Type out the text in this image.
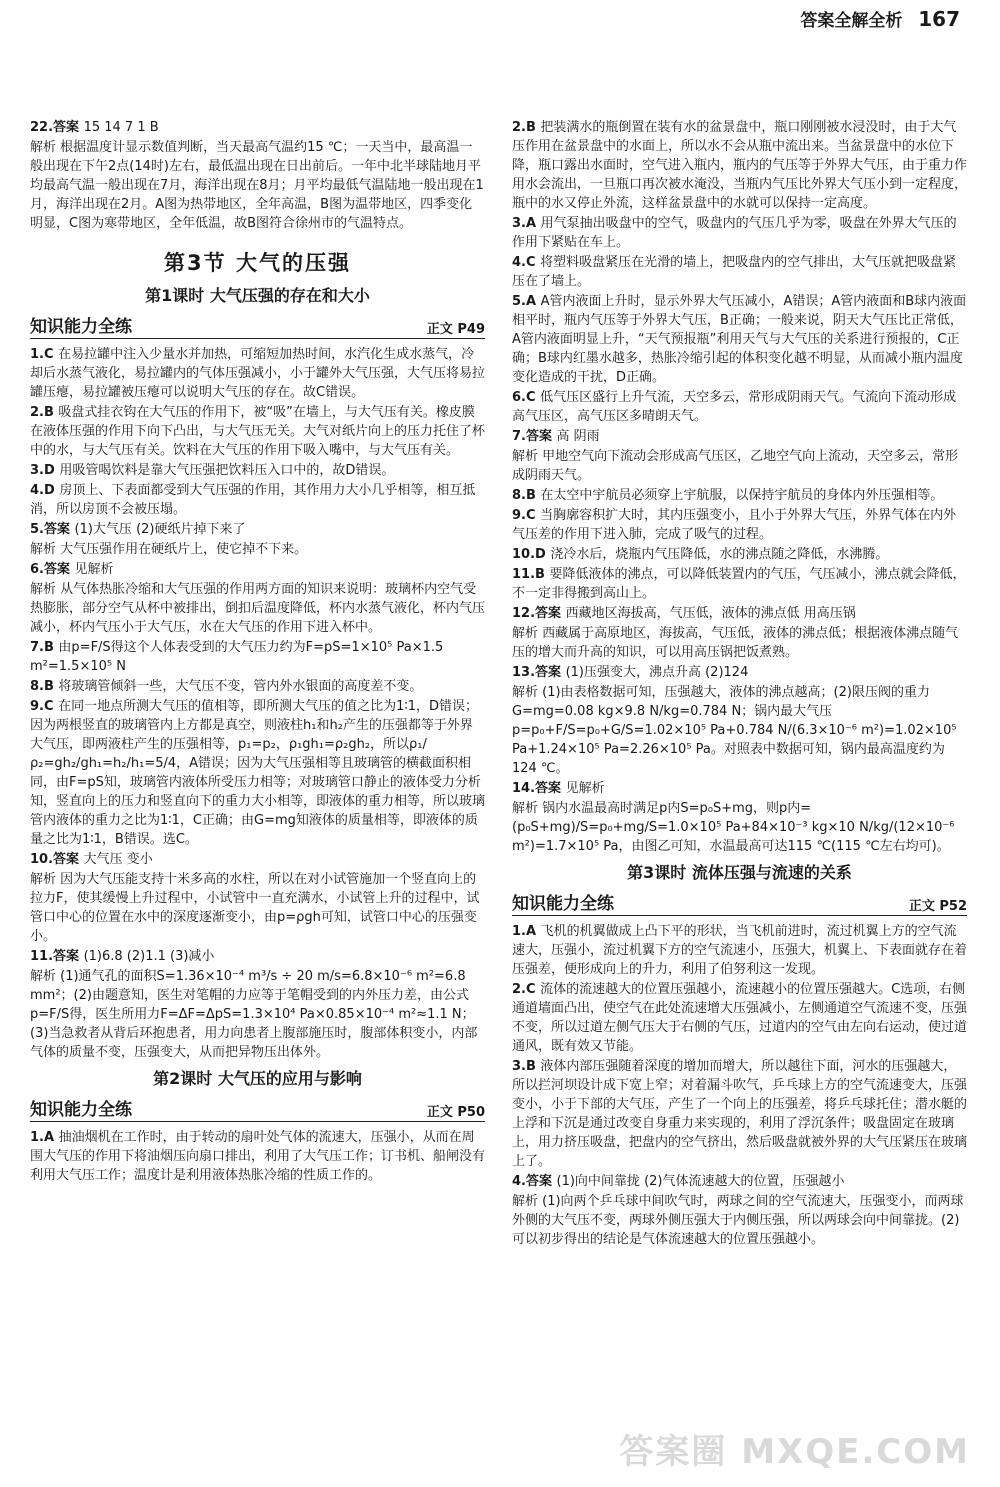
答案全解全析 167

22.答案 15 14 7 1 B

解析 根据温度计显示数值判断，当天最高气温约15 ℃；一天当中，最高温一般出现在下午2点(14时)左右，最低温出现在日出前后。一年中北半球陆地月平均最高气温一般出现在7月，海洋出现在8月；月平均最低气温陆地一般出现在1月，海洋出现在2月。A图为热带地区，全年高温，B图为温带地区，四季变化明显，C图为寒带地区，全年低温，故B图符合徐州市的气温特点。

第3节 大气的压强
第1课时 大气压强的存在和大小
知识能力全练	正文 P49

1.C 在易拉罐中注入少量水并加热，可缩短加热时间，水汽化生成水蒸气，冷却后水蒸气液化，易拉罐内的气体压强减小，小于罐外大气压强，大气压将易拉罐压瘪，易拉罐被压瘪可以说明大气压的存在。故C错误。

2.B 吸盘式挂衣钩在大气压的作用下，被“吸”在墙上，与大气压有关。橡皮膜在液体压强的作用下向下凸出，与大气压无关。大气对纸片向上的压力托住了杯中的水，与大气压有关。饮料在大气压的作用下吸入嘴中，与大气压有关。

3.D 用吸管喝饮料是靠大气压强把饮料压入口中的，故D错误。

4.D 房顶上、下表面都受到大气压强的作用，其作用力大小几乎相等，相互抵消，所以房顶不会被压塌。

5.答案 (1)大气压 (2)硬纸片掉下来了

解析 大气压强作用在硬纸片上，使它掉不下来。

6.答案 见解析

解析 从气体热胀冷缩和大气压强的作用两方面的知识来说明：玻璃杯内空气受热膨胀，部分空气从杯中被排出，倒扣后温度降低，杯内水蒸气液化，杯内气压减小，杯内气压小于大气压，水在大气压的作用下进入杯中。

7.B 由p=F/S得这个人体表受到的大气压力约为F=pS=1×10⁵ Pa×1.5 m²=1.5×10⁵ N

8.B 将玻璃管倾斜一些，大气压不变，管内外水银面的高度差不变。

9.C 在同一地点所测大气压的值相等，即所测大气压的值之比为1∶1，D错误；因为两根竖直的玻璃管内上方都是真空，则液柱h₁和h₂产生的压强都等于外界大气压，即两液柱产生的压强相等，p₁=p₂，ρ₁gh₁=ρ₂gh₂，所以ρ₁/ρ₂=gh₂/gh₁=h₂/h₁=5/4，A错误；因为大气压强相等且玻璃管的横截面积相同，由F=pS知，玻璃管内液体所受压力相等；对玻璃管口静止的液体受力分析知，竖直向上的压力和竖直向下的重力大小相等，即液体的重力相等，所以玻璃管内液体的重力之比为1∶1，C正确；由G=mg知液体的质量相等，即液体的质量之比为1∶1，B错误。选C。

10.答案 大气压 变小

解析 因为大气压能支持十米多高的水柱，所以在对小试管施加一个竖直向上的拉力F，使其缓慢上升过程中，小试管中一直充满水，小试管上升的过程中，试管口中心的位置在水中的深度逐渐变小，由p=ρgh可知，试管口中心的压强变小。

11.答案 (1)6.8 (2)1.1 (3)减小

解析 (1)通气孔的面积S=1.36×10⁻⁴ m³/s ÷ 20 m/s=6.8×10⁻⁶ m²=6.8 mm²；(2)由题意知，医生对笔帽的力应等于笔帽受到的内外压力差，由公式p=F/S得，医生所用力F=ΔF=ΔpS=1.3×10⁴ Pa×0.85×10⁻⁴ m²≈1.1 N；(3)当急救者从背后环抱患者，用力向患者上腹部施压时，腹部体积变小，内部气体的质量不变，压强变大，从而把异物压出体外。

第2课时 大气压的应用与影响
知识能力全练	正文 P50

1.A 抽油烟机在工作时，由于转动的扇叶处气体的流速大，压强小，从而在周围大气压的作用下将油烟压向扇口排出，利用了大气压工作；订书机、船闸没有利用大气压工作；温度计是利用液体热胀冷缩的性质工作的。

2.B 把装满水的瓶倒置在装有水的盆景盘中，瓶口刚刚被水浸没时，由于大气压作用在盆景盘中的水面上，所以水不会从瓶中流出来。当盆景盘中的水位下降，瓶口露出水面时，空气进入瓶内，瓶内的气压等于外界大气压，由于重力作用水会流出，一旦瓶口再次被水淹没，当瓶内气压比外界大气压小到一定程度，瓶中的水又停止外流，这样盆景盘中的水就可以保持一定高度。

3.A 用气泵抽出吸盘中的空气，吸盘内的气压几乎为零，吸盘在外界大气压的作用下紧贴在车上。

4.C 将塑料吸盘紧压在光滑的墙上，把吸盘内的空气排出，大气压就把吸盘紧压在了墙上。

5.A A管内液面上升时，显示外界大气压减小，A错误；A管内液面和B球内液面相平时，瓶内气压等于外界大气压，B正确；一般来说，阴天大气压比正常低，A管内液面明显上升，“天气预报瓶”利用天气与大气压的关系进行预报的，C正确；B球内红墨水越多，热胀冷缩引起的体积变化越不明显，从而减小瓶内温度变化造成的干扰，D正确。

6.C 低气压区盛行上升气流，天空多云，常形成阴雨天气。气流向下流动形成高气压区，高气压区多晴朗天气。

7.答案 高 阴雨

解析 甲地空气向下流动会形成高气压区，乙地空气向上流动，天空多云，常形成阴雨天气。

8.B 在太空中宇航员必须穿上宇航服，以保持宇航员的身体内外压强相等。

9.C 当胸廓容积扩大时，其内压强变小，且小于外界大气压，外界气体在内外气压差的作用下进入肺，完成了吸气的过程。

10.D 浇冷水后，烧瓶内气压降低，水的沸点随之降低，水沸腾。

11.B 要降低液体的沸点，可以降低装置内的气压，气压减小，沸点就会降低，不一定非得搬到高山上。

12.答案 西藏地区海拔高，气压低，液体的沸点低 用高压锅

解析 西藏属于高原地区，海拔高，气压低，液体的沸点低；根据液体沸点随气压的增大而升高的知识，可以用高压锅把饭煮熟。

13.答案 (1)压强变大，沸点升高 (2)124

解析 (1)由表格数据可知，压强越大，液体的沸点越高；(2)限压阀的重力G=mg=0.08 kg×9.8 N/kg=0.784 N；锅内最大气压p=p₀+F/S=p₀+G/S=1.02×10⁵ Pa+0.784 N/(6.3×10⁻⁶ m²)=1.02×10⁵ Pa+1.24×10⁵ Pa=2.26×10⁵ Pa。对照表中数据可知，锅内最高温度约为124 ℃。

14.答案 见解析

解析 锅内水温最高时满足p内S=p₀S+mg，则p内=(p₀S+mg)/S=p₀+mg/S=1.0×10⁵ Pa+84×10⁻³ kg×10 N/kg/(12×10⁻⁶ m²)=1.7×10⁵ Pa，由图乙可知，水温最高可达115 ℃(115 ℃左右均可)。

第3课时 流体压强与流速的关系
知识能力全练	正文 P52

1.A 飞机的机翼做成上凸下平的形状，当飞机前进时，流过机翼上方的空气流速大，压强小，流过机翼下方的空气流速小，压强大，机翼上、下表面就存在着压强差，便形成向上的升力，利用了伯努利这一发现。

2.C 流体的流速越大的位置压强越小，流速越小的位置压强越大。C选项，右侧通道墙面凸出，使空气在此处流速增大压强减小，左侧通道空气流速不变，压强不变，所以过道左侧气压大于右侧的气压，过道内的空气由左向右运动，使过道通风，既有效又节能。

3.B 液体内部压强随着深度的增加而增大，所以越往下面，河水的压强越大，所以拦河坝设计成下宽上窄；对着漏斗吹气，乒乓球上方的空气流速变大，压强变小，小于下部的大气压，产生了一个向上的压强差，将乒乓球托住；潜水艇的上浮和下沉是通过改变自身重力来实现的，利用了浮沉条件；吸盘固定在玻璃上，用力挤压吸盘，把盘内的空气挤出，然后吸盘就被外界的大气压紧压在玻璃上了。

4.答案 (1)向中间靠拢 (2)气体流速越大的位置，压强越小

解析 (1)向两个乒乓球中间吹气时，两球之间的空气流速大，压强变小，而两球外侧的大气压不变，两球外侧压强大于内侧压强，所以两球会向中间靠拢。(2)可以初步得出的结论是气体流速越大的位置压强越小。

答案圈 MXQE.COM
